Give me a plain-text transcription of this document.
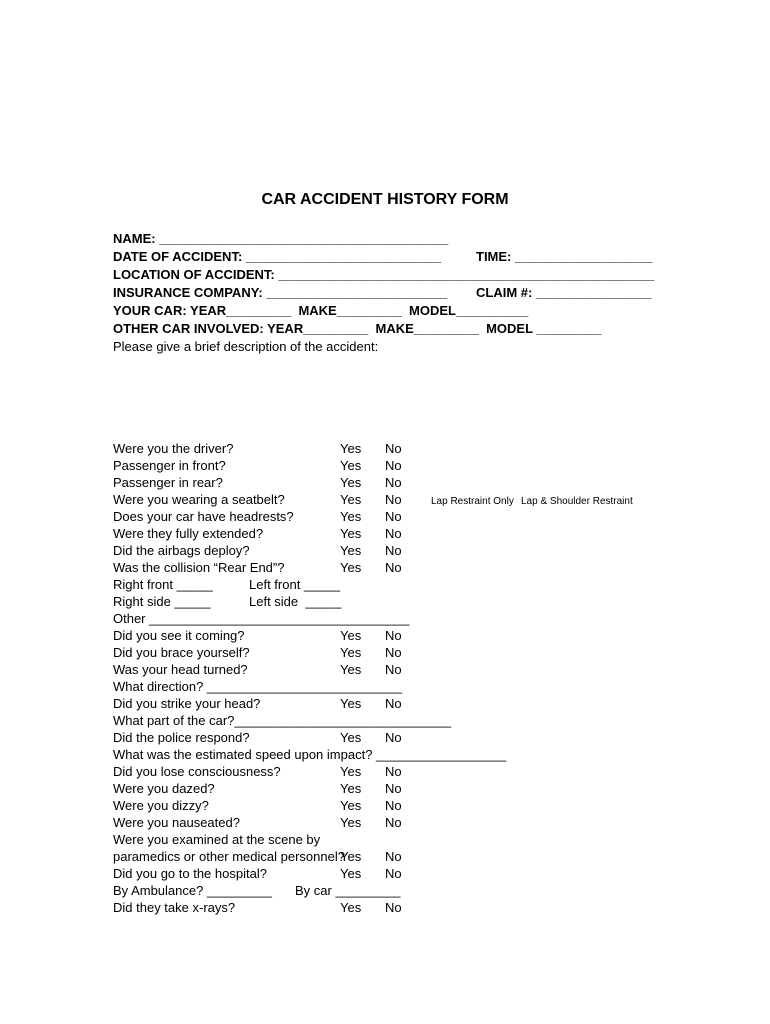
CAR ACCIDENT HISTORY FORM
NAME: ________________________________________
DATE OF ACCIDENT: ___________________________	TIME: ___________________
LOCATION OF ACCIDENT: ____________________________________________________
INSURANCE COMPANY: _________________________ CLAIM #: ________________
YOUR CAR: YEAR_________  MAKE_________  MODEL__________
OTHER CAR INVOLVED: YEAR_________  MAKE_________  MODEL _________
Please give a brief description of the accident:
Were you the driver?	Yes No
Passenger in front?	Yes No
Passenger in rear?	Yes No
Were you wearing a seatbelt?	Yes No	Lap Restraint Only Lap & Shoulder Restraint
Does your car have headrests?	Yes No
Were they fully extended?	Yes No
Did the airbags deploy?	Yes No
Was the collision “Rear End”?	Yes No
Right front _____	Left front _____
Right side _____	Left side  _____
Other ____________________________________
Did you see it coming?	Yes No
Did you brace yourself?	Yes No
Was your head turned?	Yes No
What direction? ___________________________
Did you strike your head?	Yes No
What part of the car?______________________________
Did the police respond?	Yes No
What was the estimated speed upon impact? __________________
Did you lose consciousness?	Yes No
Were you dazed?	Yes No
Were you dizzy?	Yes No
Were you nauseated?	Yes No
Were you examined at the scene by
paramedics or other medical personnel?
Yes No
Did you go to the hospital?	Yes No
By Ambulance? _________ By car _________
Did they take x-rays?	Yes No
